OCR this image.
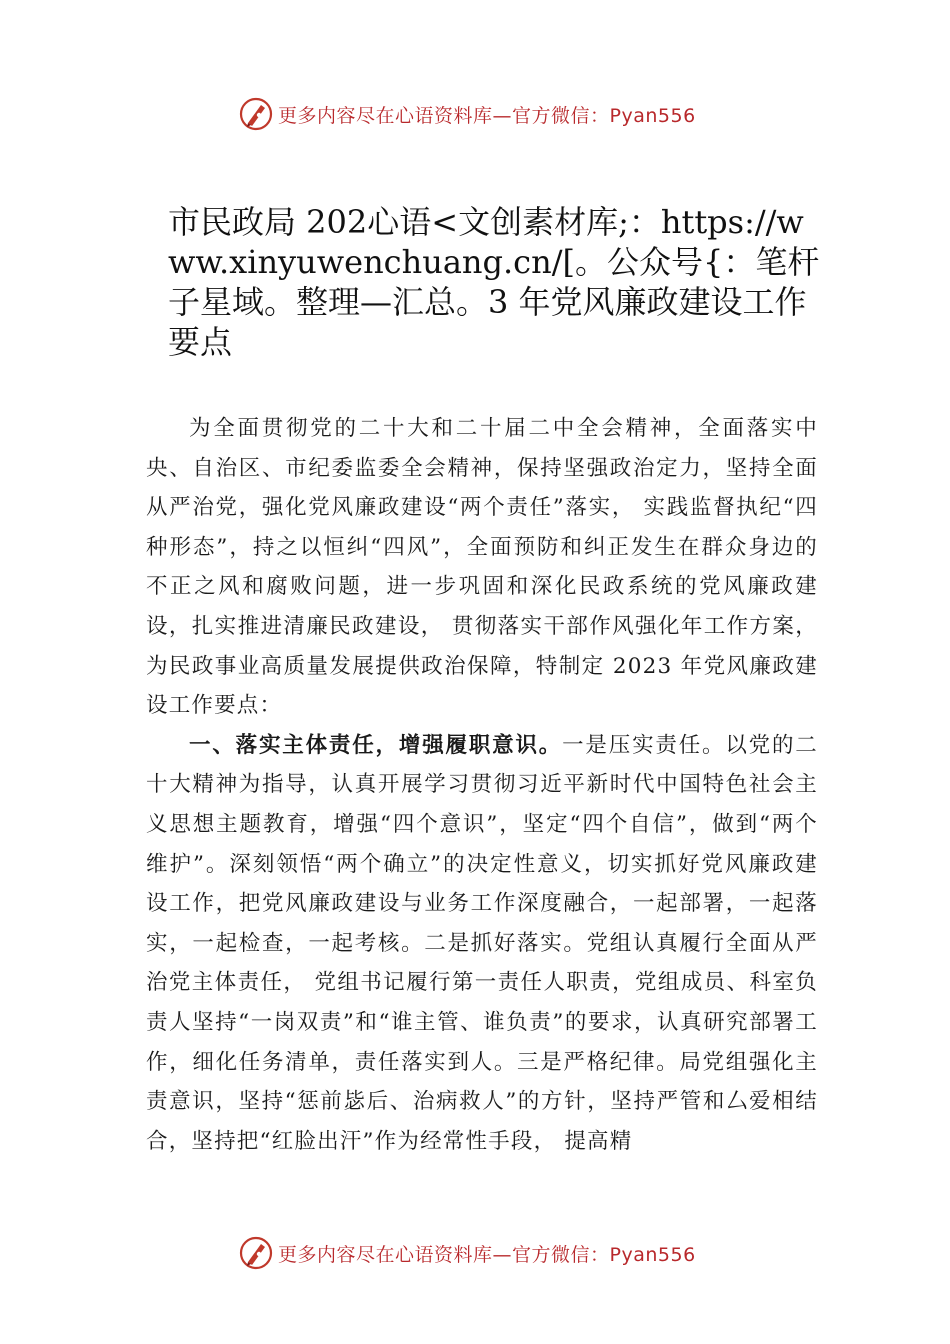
更多内容尽在心语资料库—官方微信：Pyan556
市民政局 202心语<文创素材库;：https://www.xinyuwenchuang.cn/[。公众号{：笔杆子星域。整理—汇总。3 年党风廉政建设工作要点

为全面贯彻党的二十大和二十届二中全会精神，全面落实中央、自治区、市纪委监委全会精神，保持坚强政治定力，坚持全面从严治党，强化党风廉政建设“两个责任”落实， 实践监督执纪“四种形态”，持之以恒纠“四风”，全面预防和纠正发生在群众身边的不正之风和腐败问题，进一步巩固和深化民政系统的党风廉政建设，扎实推进清廉民政建设， 贯彻落实干部作风强化年工作方案，为民政事业高质量发展提供政治保障，特制定 2023 年党风廉政建设工作要点：

一、落实主体责任，增强履职意识。一是压实责任。以党的二十大精神为指导，认真开展学习贯彻习近平新时代中国特色社会主义思想主题教育，增强“四个意识”，坚定“四个自信”，做到“两个维护”。深刻领悟“两个确立”的决定性意义，切实抓好党风廉政建设工作，把党风廉政建设与业务工作深度融合，一起部署，一起落实，一起检查，一起考核。二是抓好落实。党组认真履行全面从严治党主体责任， 党组书记履行第一责任人职责，党组成员、科室负责人坚持“一岗双责”和“谁主管、谁负责”的要求，认真研究部署工作，细化任务清单，责任落实到人。三是严格纪律。局党组强化主责意识，坚持“惩前毖后、治病救人”的方针，坚持严管和厶爱相结合，坚持把“红脸出汗”作为经常性手段， 提高精

更多内容尽在心语资料库—官方微信：Pyan556
